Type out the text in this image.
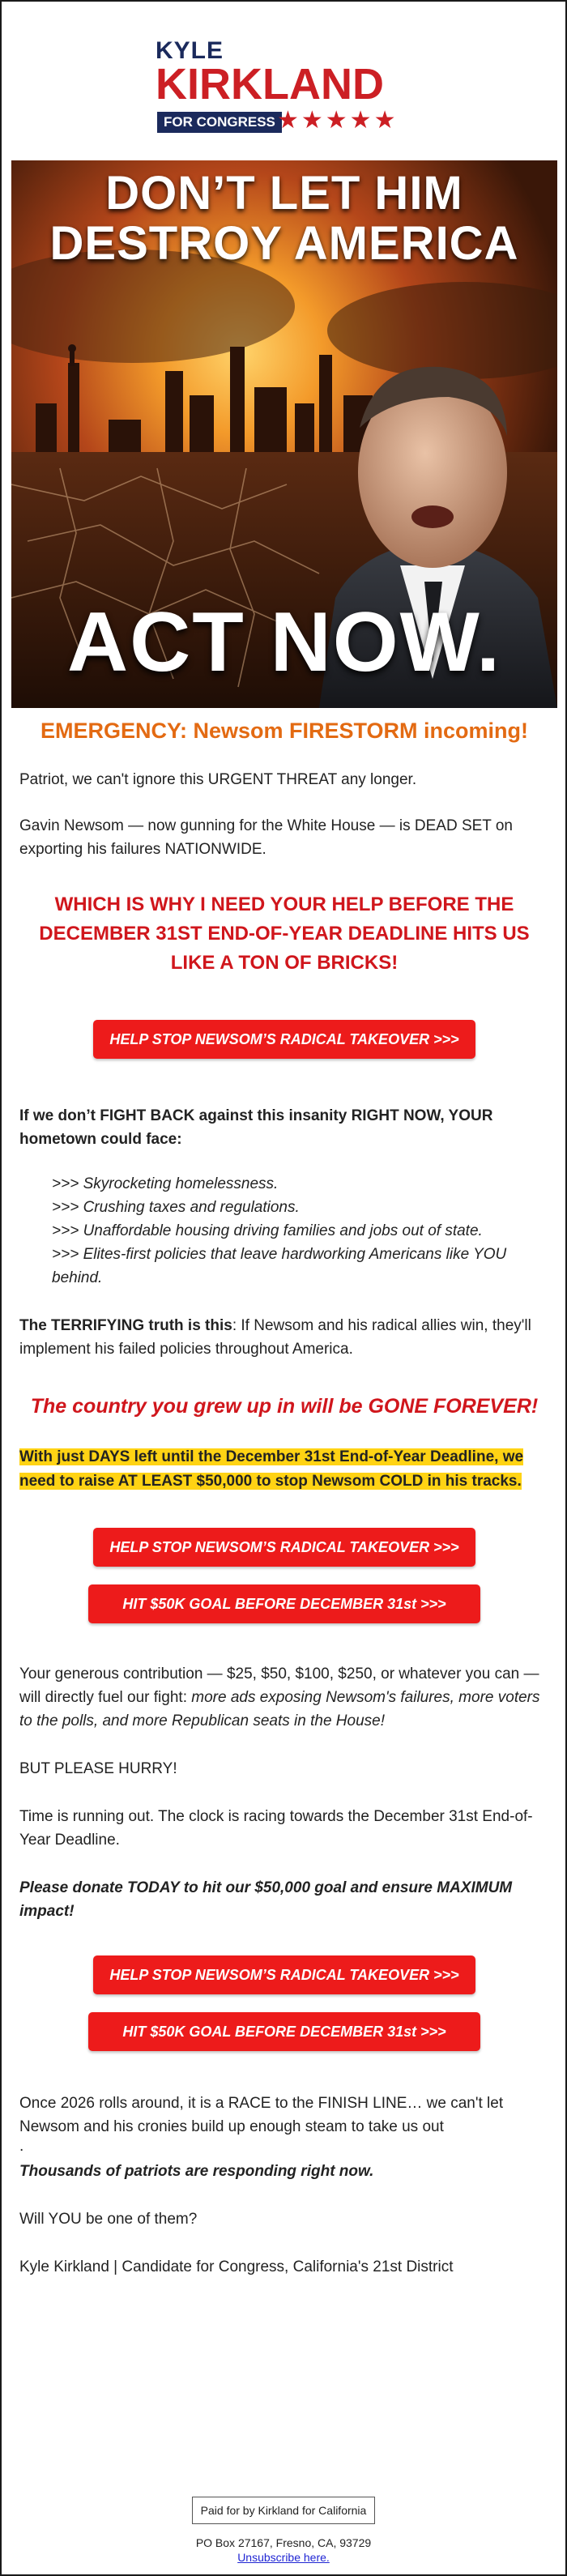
KYLE
KIRKLAND
FOR CONGRESS ★★★★★
DON’T LET HIM
DESTROY AMERICA
ACT NOW.
EMERGENCY: Newsom FIRESTORM incoming!

Patriot, we can't ignore this URGENT THREAT any longer.

Gavin Newsom — now gunning for the White House — is DEAD SET on exporting his failures NATIONWIDE.

WHICH IS WHY I NEED YOUR HELP BEFORE THE DECEMBER 31ST END-OF-YEAR DEADLINE HITS US LIKE A TON OF BRICKS!
HELP STOP NEWSOM’S RADICAL TAKEOVER >>>

If we don’t FIGHT BACK against this insanity RIGHT NOW, YOUR hometown could face:

>>> Skyrocketing homelessness.
>>> Crushing taxes and regulations.
>>> Unaffordable housing driving families and jobs out of state.
>>> Elites-first policies that leave hardworking Americans like YOU behind.

The TERRIFYING truth is this: If Newsom and his radical allies win, they'll implement his failed policies throughout America.

The country you grew up in will be GONE FOREVER!
With just DAYS left until the December 31st End-of-Year Deadline, we need to raise AT LEAST $50,000 to stop Newsom COLD in his tracks.
HELP STOP NEWSOM’S RADICAL TAKEOVER >>>
HIT $50K GOAL BEFORE DECEMBER 31st >>>

Your generous contribution — $25, $50, $100, $250, or whatever you can — will directly fuel our fight: more ads exposing Newsom's failures, more voters to the polls, and more Republican seats in the House!

BUT PLEASE HURRY!

Time is running out. The clock is racing towards the December 31st End-of-Year Deadline.

Please donate TODAY to hit our $50,000 goal and ensure MAXIMUM impact!

HELP STOP NEWSOM’S RADICAL TAKEOVER >>>
HIT $50K GOAL BEFORE DECEMBER 31st >>>

Once 2026 rolls around, it is a RACE to the FINISH LINE… we can't let Newsom and his cronies build up enough steam to take us out

.

Thousands of patriots are responding right now.

Will YOU be one of them?

Kyle Kirkland | Candidate for Congress, California's 21st District

Paid for by Kirkland for California
PO Box 27167, Fresno, CA, 93729
Unsubscribe here.
